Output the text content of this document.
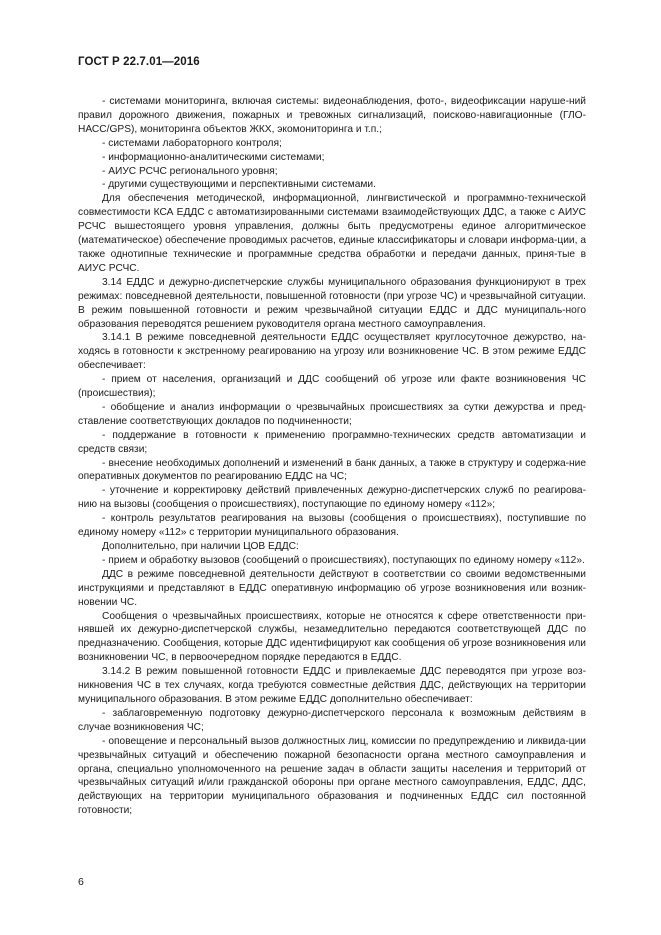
ГОСТ Р 22.7.01—2016

- системами мониторинга, включая системы: видеонаблюдения, фото-, видеофиксации наруше-ний правил дорожного движения, пожарных и тревожных сигнализаций, поисково-навигационные (ГЛО-НАСС/GPS), мониторинга объектов ЖКХ, экомониторинга и т.п.;

- системами лабораторного контроля;

- информационно-аналитическими системами;

- АИУС РСЧС регионального уровня;

- другими существующими и перспективными системами.

Для обеспечения методической, информационной, лингвистической и программно-технической совместимости КСА ЕДДС с автоматизированными системами взаимодействующих ДДС, а также с АИУС РСЧС вышестоящего уровня управления, должны быть предусмотрены единое алгоритмическое (математическое) обеспечение проводимых расчетов, единые классификаторы и словари информа-ции, а также однотипные технические и программные средства обработки и передачи данных, приня-тые в АИУС РСЧС.

3.14 ЕДДС и дежурно-диспетчерские службы муниципального образования функционируют в трех режимах: повседневной деятельности, повышенной готовности (при угрозе ЧС) и чрезвычайной ситуации. В режим повышенной готовности и режим чрезвычайной ситуации ЕДДС и ДДС муниципаль-ного образования переводятся решением руководителя органа местного самоуправления.

3.14.1 В режиме повседневной деятельности ЕДДС осуществляет круглосуточное дежурство, на-ходясь в готовности к экстренному реагированию на угрозу или возникновение ЧС. В этом режиме ЕДДС обеспечивает:

- прием от населения, организаций и ДДС сообщений об угрозе или факте возникновения ЧС (происшествия);

- обобщение и анализ информации о чрезвычайных происшествиях за сутки дежурства и пред-ставление соответствующих докладов по подчиненности;

- поддержание в готовности к применению программно-технических средств автоматизации и средств связи;

- внесение необходимых дополнений и изменений в банк данных, а также в структуру и содержа-ние оперативных документов по реагированию ЕДДС на ЧС;

- уточнение и корректировку действий привлеченных дежурно-диспетчерских служб по реагирова-нию на вызовы (сообщения о происшествиях), поступающие по единому номеру «112»;

- контроль результатов реагирования на вызовы (сообщения о происшествиях), поступившие по единому номеру «112» с территории муниципального образования.

Дополнительно, при наличии ЦОВ ЕДДС:

- прием и обработку вызовов (сообщений о происшествиях), поступающих по единому номеру «112».

ДДС в режиме повседневной деятельности действуют в соответствии со своими ведомственными инструкциями и представляют в ЕДДС оперативную информацию об угрозе возникновения или возник-новении ЧС.

Сообщения о чрезвычайных происшествиях, которые не относятся к сфере ответственности при-нявшей их дежурно-диспетчерской службы, незамедлительно передаются соответствующей ДДС по предназначению. Сообщения, которые ДДС идентифицируют как сообщения об угрозе возникновения или возникновении ЧС, в первоочередном порядке передаются в ЕДДС.

3.14.2 В режим повышенной готовности ЕДДС и привлекаемые ДДС переводятся при угрозе воз-никновения ЧС в тех случаях, когда требуются совместные действия ДДС, действующих на территории муниципального образования. В этом режиме ЕДДС дополнительно обеспечивает:

- заблаговременную подготовку дежурно-диспетчерского персонала к возможным действиям в случае возникновения ЧС;

- оповещение и персональный вызов должностных лиц, комиссии по предупреждению и ликвида-ции чрезвычайных ситуаций и обеспечению пожарной безопасности органа местного самоуправления и органа, специально уполномоченного на решение задач в области защиты населения и территорий от чрезвычайных ситуаций и/или гражданской обороны при органе местного самоуправления, ЕДДС, ДДС, действующих на территории муниципального образования и подчиненных ЕДДС сил постоянной готовности;

6
